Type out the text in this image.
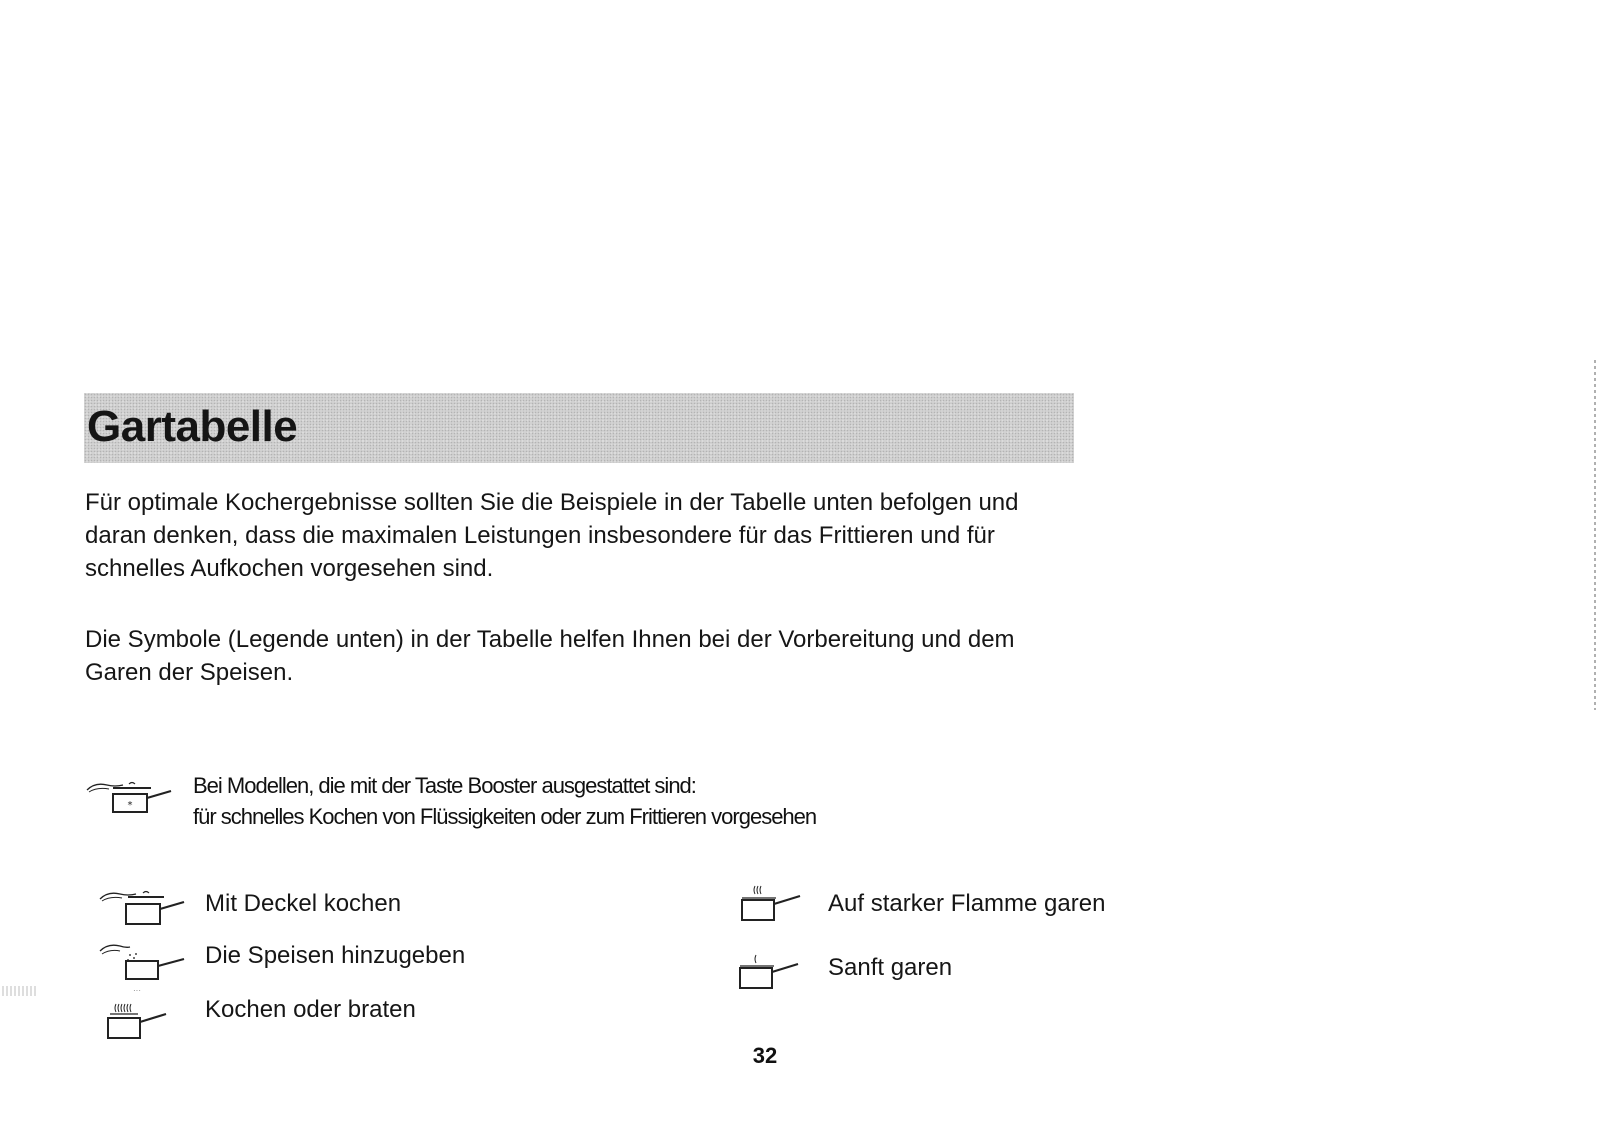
Gartabelle

Für optimale Kochergebnisse sollten Sie die Beispiele in der Tabelle unten befolgen und daran denken, dass die maximalen Leistungen insbesondere für das Frittieren und für schnelles Aufkochen vorgesehen sind.

Die Symbole (Legende unten) in der Tabelle helfen Ihnen bei der Vorbereitung und dem Garen der Speisen.

*
Bei Modellen, die mit der Taste Booster ausgestattet sind:
für schnelles Kochen von Flüssigkeiten oder zum Frittieren vorgesehen
Mit Deckel kochen
Die Speisen hinzugeben
···
Kochen oder braten
Auf starker Flamme garen
Sanft garen
32
